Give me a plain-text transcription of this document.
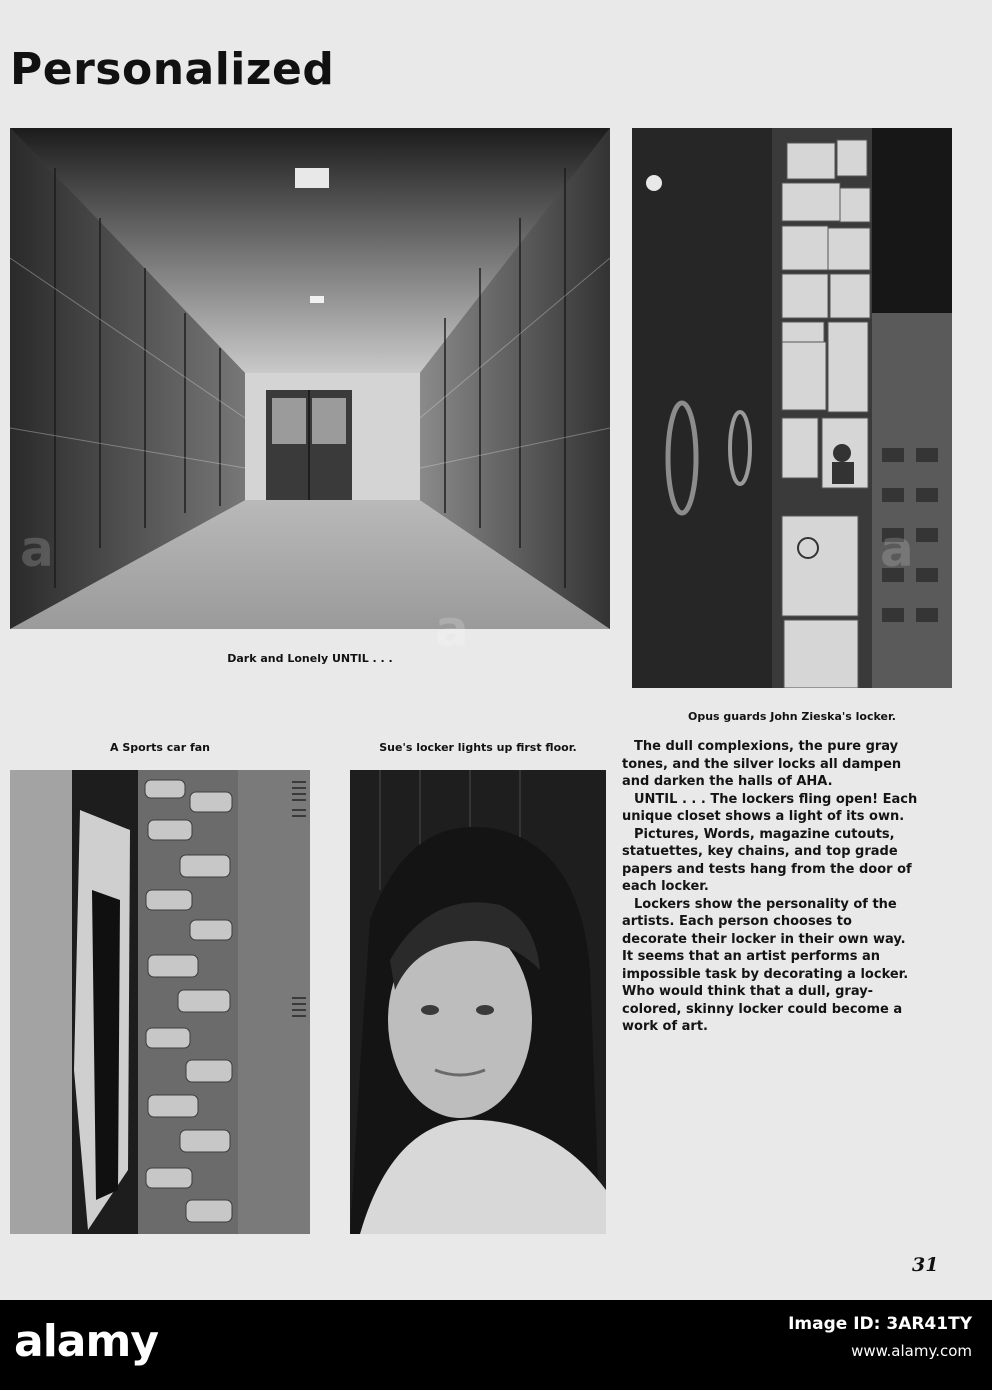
Personalized
Dark and Lonely UNTIL . . .
Opus guards John Zieska's locker.
A Sports car fan	Sue's locker lights up first floor.	The dull complexions, the pure gray tones, and the silver locks all dampen and darken the halls of AHA.

UNTIL . . . The lockers fling open! Each unique closet shows a light of its own.

Pictures, Words, magazine cutouts, statuettes, key chains, and top grade papers and tests hang from the door of each locker.

Lockers show the personality of the artists. Each person chooses to decorate their locker in their own way. It seems that an artist performs an impossible task by decorating a locker. Who would think that a dull, gray-colored, skinny locker could become a work of art.

31
a
alamy	Image ID: 3AR41TY
www.alamy.com
